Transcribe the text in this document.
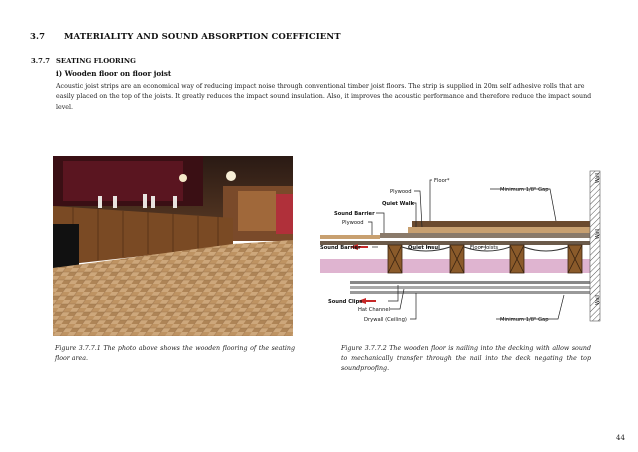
3.7 MATERIALITY AND SOUND ABSORPTION COEFFICIENT
3.7.7 SEATING FLOORING
i) Wooden floor on floor joist
Acoustic joist strips are an economical way of reducing impact noise through conventional timber joist floors. The strip is supplied in 20m self adhesive rolls that are easily placed on the top of the joists. It greatly reduces the impact sound insulation. Also, it improves the acoustic performance and therefore reduce the impact sound level.
Figure 3.7.7.1 The photo above shows the wooden flooring of the seating floor area.
Floor*
Plywood
Quiet Walk
Minimum 1/8" Gap
Sound Barrier
Plywood
Sound Barrier	Quiet Insul	Floor Joists
Sound Clips
Hat Channel
Drywall (Ceiling)	Minimum 1/8" Gap
Wall
Wall
Wall
Figure 3.7.7.2 The wooden floor is nailing into the decking with allow sound to mechanically transfer through the nail into the deck negating the top soundproofing.
44
